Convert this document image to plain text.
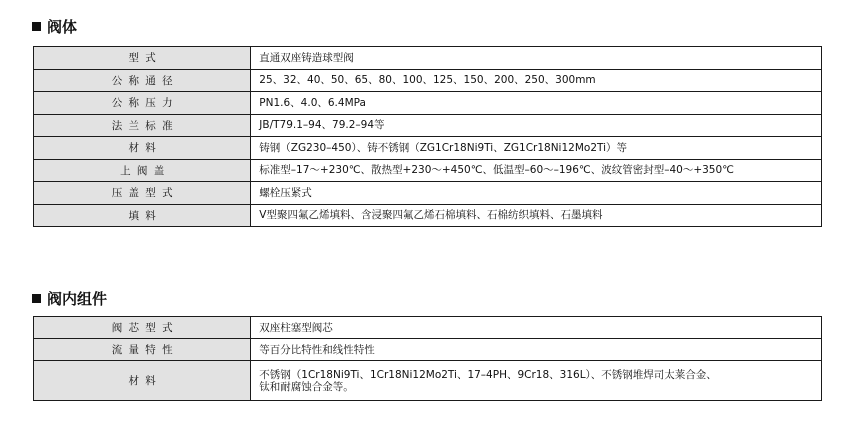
阀体
型式	直通双座铸造球型阀
公称通径	25、32、40、50、65、80、100、125、150、200、250、300mm
公称压力	PN1.6、4.0、6.4MPa
法兰标准	JB/T79.1–94、79.2–94等
材料	铸钢（ZG230–450）、铸不锈钢（ZG1Cr18Ni9Ti、ZG1Cr18Ni12Mo2Ti）等
上阀盖	标准型–17～+230℃、散热型+230～+450℃、低温型–60～–196℃、波纹管密封型–40～+350℃
压盖型式	螺栓压紧式
填料	V型聚四氟乙烯填料、含浸聚四氟乙烯石棉填料、石棉纺织填料、石墨填料
阀内组件
阀芯型式	双座柱塞型阀芯
流量特性	等百分比特性和线性特性
材料	不锈钢（1Cr18Ni9Ti、1Cr18Ni12Mo2Ti、17–4PH、9Cr18、316L）、不锈钢堆焊司太莱合金、
钛和耐腐蚀合金等。
